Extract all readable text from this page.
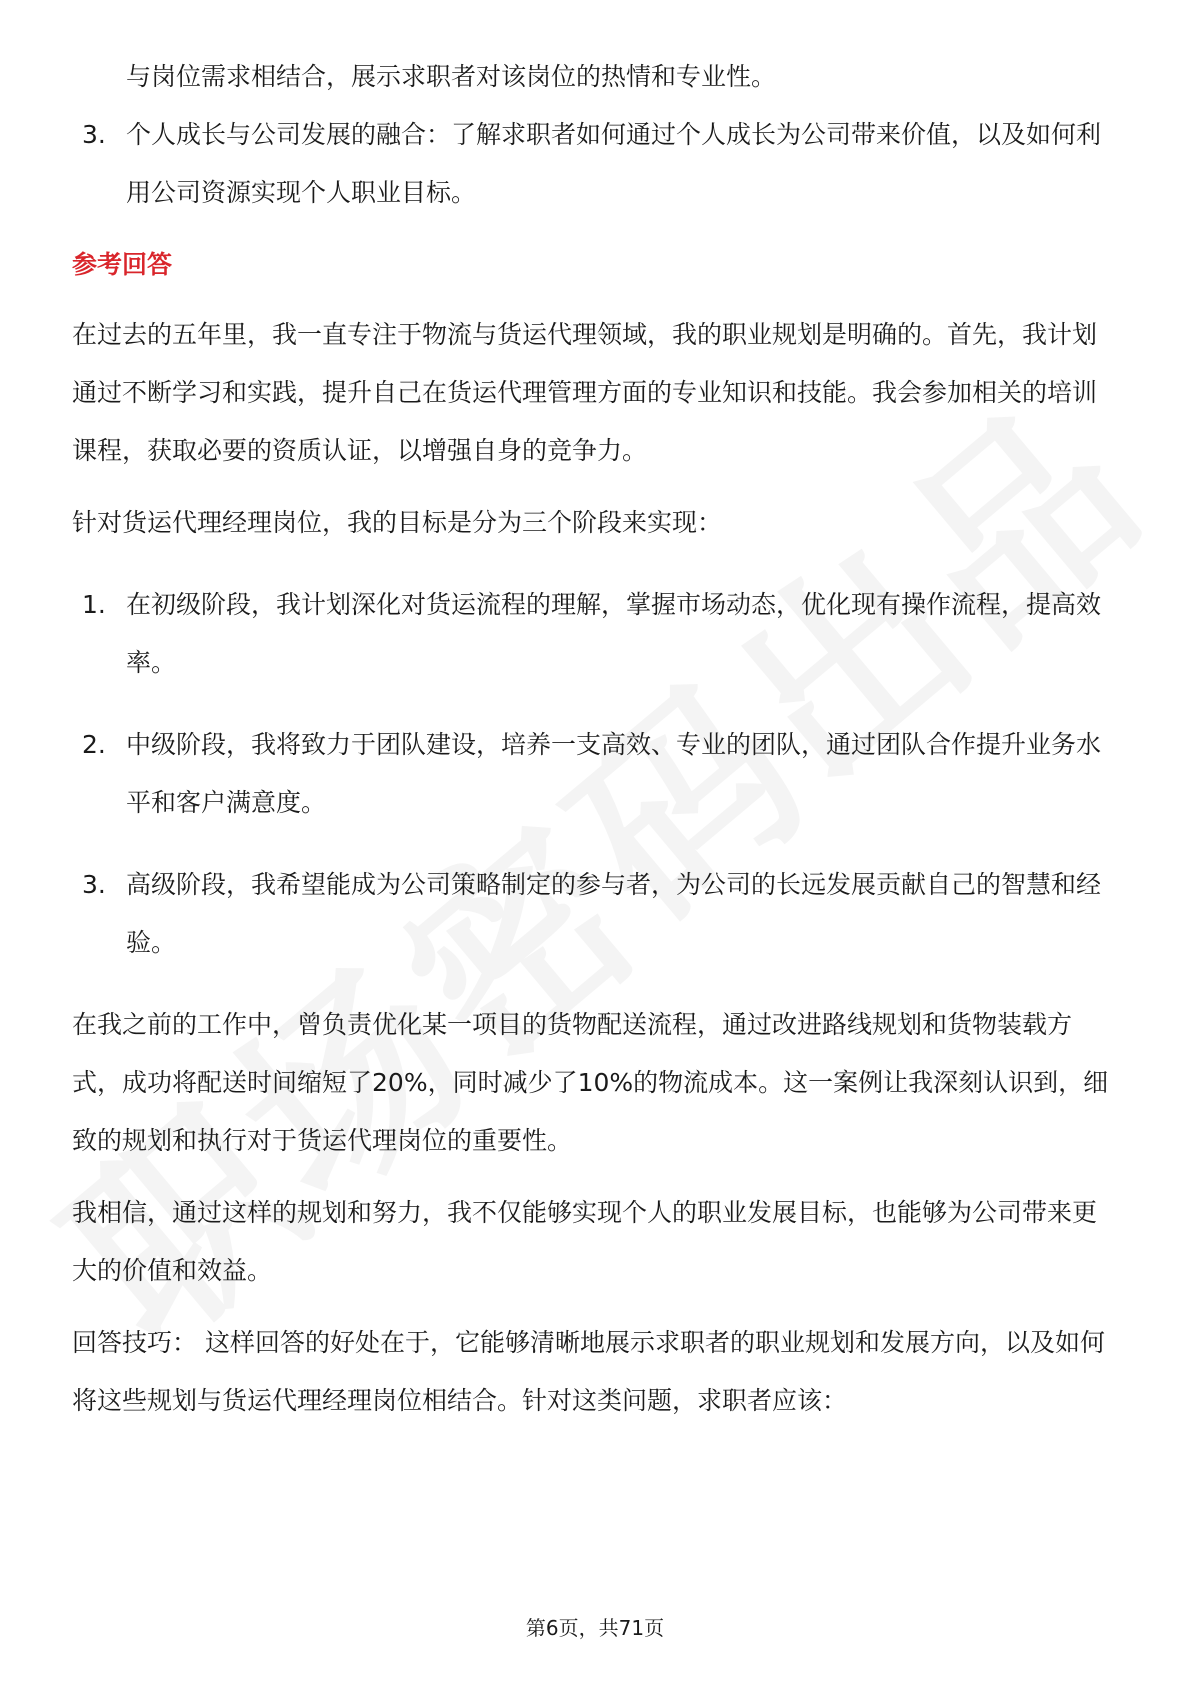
与岗位需求相结合，展示求职者对该岗位的热情和专业性。

3. 个人成长与公司发展的融合：了解求职者如何通过个人成长为公司带来价值，以及如何利用公司资源实现个人职业目标。

参考回答

在过去的五年里，我一直专注于物流与货运代理领域，我的职业规划是明确的。首先，我计划通过不断学习和实践，提升自己在货运代理管理方面的专业知识和技能。我会参加相关的培训课程，获取必要的资质认证，以增强自身的竞争力。

针对货运代理经理岗位，我的目标是分为三个阶段来实现：

1. 在初级阶段，我计划深化对货运流程的理解，掌握市场动态，优化现有操作流程，提高效率。

2. 中级阶段，我将致力于团队建设，培养一支高效、专业的团队，通过团队合作提升业务水平和客户满意度。

3. 高级阶段，我希望能成为公司策略制定的参与者，为公司的长远发展贡献自己的智慧和经验。

在我之前的工作中，曾负责优化某一项目的货物配送流程，通过改进路线规划和货物装载方式，成功将配送时间缩短了20%，同时减少了10%的物流成本。这一案例让我深刻认识到，细致的规划和执行对于货运代理岗位的重要性。

我相信，通过这样的规划和努力，我不仅能够实现个人的职业发展目标，也能够为公司带来更大的价值和效益。

回答技巧： 这样回答的好处在于，它能够清晰地展示求职者的职业规划和发展方向，以及如何将这些规划与货运代理经理岗位相结合。针对这类问题，求职者应该：

第6页，共71页
